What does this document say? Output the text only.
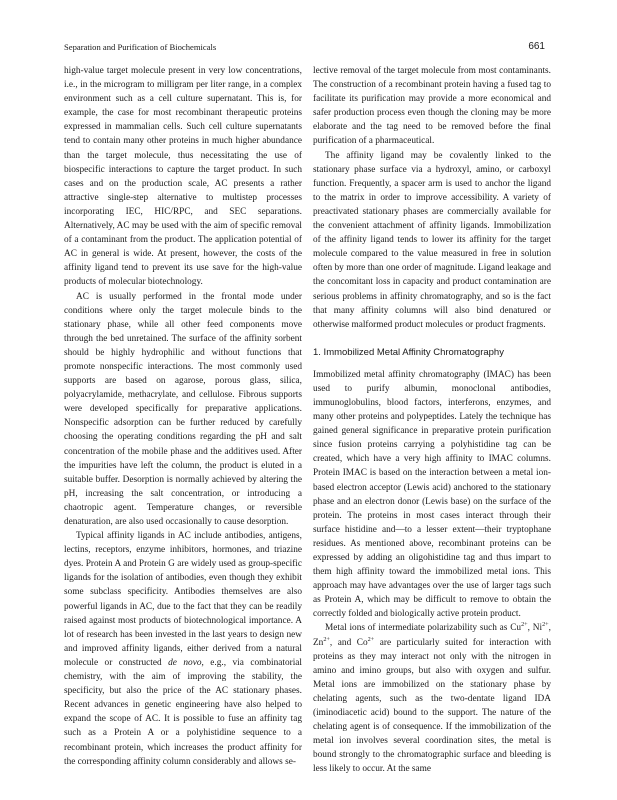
Separation and Purification of Biochemicals	661

high-value target molecule present in very low concentrations, i.e., in the microgram to milligram per liter range, in a complex environment such as a cell culture supernatant. This is, for example, the case for most recombinant therapeutic proteins expressed in mammalian cells. Such cell culture supernatants tend to contain many other proteins in much higher abundance than the target molecule, thus necessitating the use of biospecific interactions to capture the target product. In such cases and on the production scale, AC presents a rather attractive single-step alternative to multistep processes incorporating IEC, HIC/RPC, and SEC separations. Alternatively, AC may be used with the aim of specific removal of a contaminant from the product. The application potential of AC in general is wide. At present, however, the costs of the affinity ligand tend to prevent its use save for the high-value products of molecular biotechnology.

AC is usually performed in the frontal mode under conditions where only the target molecule binds to the stationary phase, while all other feed components move through the bed unretained. The surface of the affinity sorbent should be highly hydrophilic and without functions that promote nonspecific interactions. The most commonly used supports are based on agarose, porous glass, silica, polyacrylamide, methacrylate, and cellulose. Fibrous supports were developed specifically for preparative applications. Nonspecific adsorption can be further reduced by carefully choosing the operating conditions regarding the pH and salt concentration of the mobile phase and the additives used. After the impurities have left the column, the product is eluted in a suitable buffer. Desorption is normally achieved by altering the pH, increasing the salt concentration, or introducing a chaotropic agent. Temperature changes, or reversible denaturation, are also used occasionally to cause desorption.

Typical affinity ligands in AC include antibodies, antigens, lectins, receptors, enzyme inhibitors, hormones, and triazine dyes. Protein A and Protein G are widely used as group-specific ligands for the isolation of antibodies, even though they exhibit some subclass specificity. Antibodies themselves are also powerful ligands in AC, due to the fact that they can be readily raised against most products of biotechnological importance. A lot of research has been invested in the last years to design new and improved affinity ligands, either derived from a natural molecule or constructed de novo, e.g., via combinatorial chemistry, with the aim of improving the stability, the specificity, but also the price of the AC stationary phases. Recent advances in genetic engineering have also helped to expand the scope of AC. It is possible to fuse an affinity tag such as a Protein A or a polyhistidine sequence to a recombinant protein, which increases the product affinity for the corresponding affinity column considerably and allows se-

lective removal of the target molecule from most contaminants. The construction of a recombinant protein having a fused tag to facilitate its purification may provide a more economical and safer production process even though the cloning may be more elaborate and the tag need to be removed before the final purification of a pharmaceutical.

The affinity ligand may be covalently linked to the stationary phase surface via a hydroxyl, amino, or carboxyl function. Frequently, a spacer arm is used to anchor the ligand to the matrix in order to improve accessibility. A variety of preactivated stationary phases are commercially available for the convenient attachment of affinity ligands. Immobilization of the affinity ligand tends to lower its affinity for the target molecule compared to the value measured in free in solution often by more than one order of magnitude. Ligand leakage and the concomitant loss in capacity and product contamination are serious problems in affinity chromatography, and so is the fact that many affinity columns will also bind denatured or otherwise malformed product molecules or product fragments.

1. Immobilized Metal Affinity Chromatography

Immobilized metal affinity chromatography (IMAC) has been used to purify albumin, monoclonal antibodies, immunoglobulins, blood factors, interferons, enzymes, and many other proteins and polypeptides. Lately the technique has gained general significance in preparative protein purification since fusion proteins carrying a polyhistidine tag can be created, which have a very high affinity to IMAC columns. Protein IMAC is based on the interaction between a metal ion-based electron acceptor (Lewis acid) anchored to the stationary phase and an electron donor (Lewis base) on the surface of the protein. The proteins in most cases interact through their surface histidine and—to a lesser extent—their tryptophane residues. As mentioned above, recombinant proteins can be expressed by adding an oligohistidine tag and thus impart to them high affinity toward the immobilized metal ions. This approach may have advantages over the use of larger tags such as Protein A, which may be difficult to remove to obtain the correctly folded and biologically active protein product.

Metal ions of intermediate polarizability such as $Cu^{2+}$, $Ni^{2+}$, $Zn^{2+}$, and $Co^{2+}$ are particularly suited for interaction with proteins as they may interact not only with the nitrogen in amino and imino groups, but also with oxygen and sulfur. Metal ions are immobilized on the stationary phase by chelating agents, such as the two-dentate ligand IDA (iminodiacetic acid) bound to the support. The nature of the chelating agent is of consequence. If the immobilization of the metal ion involves several coordination sites, the metal is bound strongly to the chromatographic surface and bleeding is less likely to occur. At the same
